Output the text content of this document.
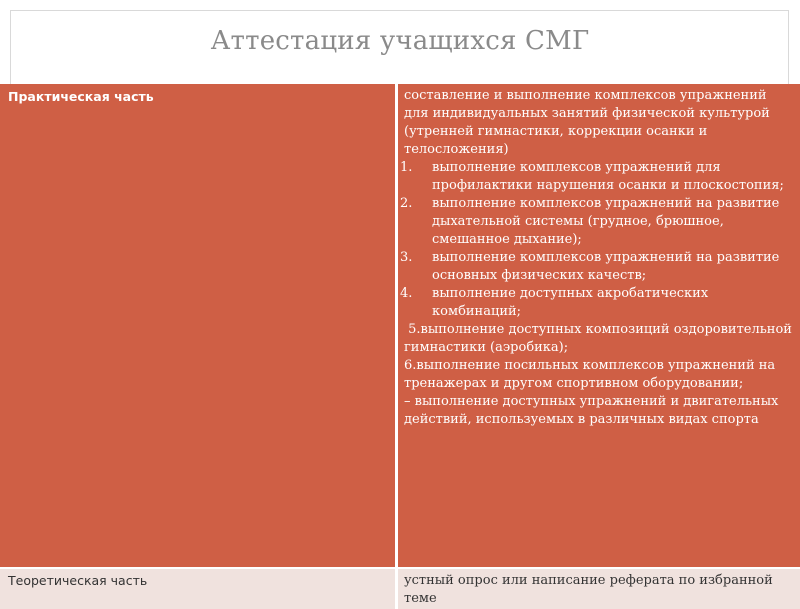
Аттестация учащихся СМГ
Практическая часть	составление и выполнение комплексов упражнений для индивидуальных занятий физической культурой (утренней гимнастики, коррекции осанки и телосложения)

1. выполнение комплексов упражнений для профилактики нарушения осанки и плоскостопия;
2. выполнение комплексов упражнений на развитие дыхательной системы (грудное, брюшное, смешанное дыхание);
3. выполнение комплексов упражнений на развитие основных физических качеств;
4. выполнение доступных акробатических комбинаций;

5.выполнение доступных композиций оздоровительной гимнастики (аэробика);

6.выполнение посильных комплексов упражнений на тренажерах и другом спортивном оборудовании;

– выполнение доступных упражнений и двигательных действий, используемых в различных видах спорта

Теоретическая часть	устный опрос или написание реферата по избранной теме
